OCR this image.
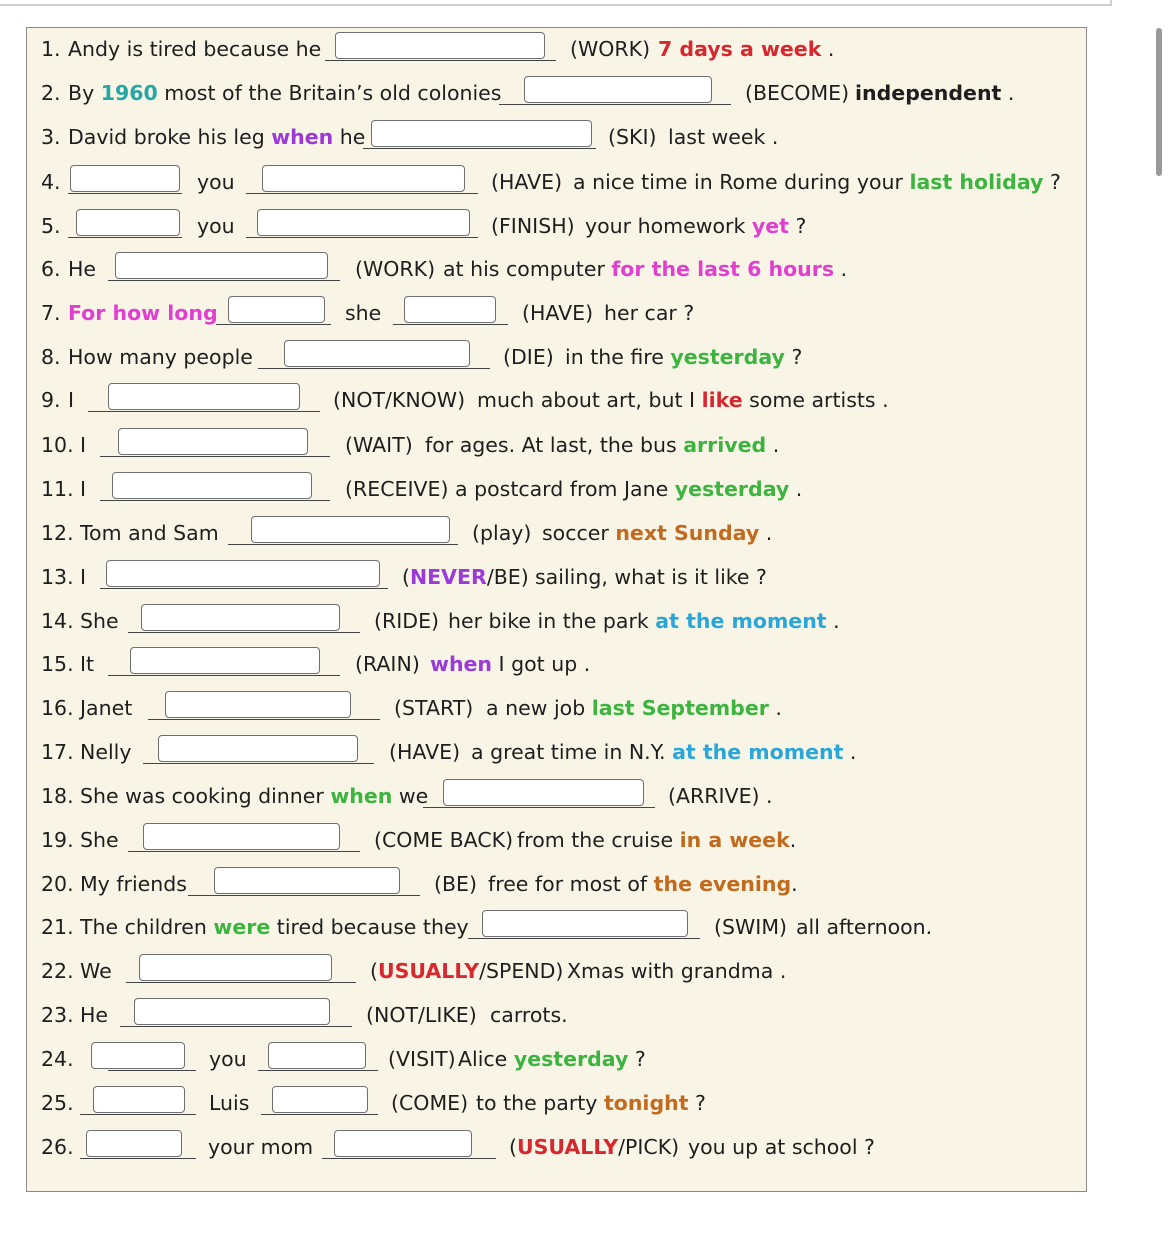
1. Andy is tired because he	(WORK) 7 days a week .
2. By 1960 most of the Britain’s old colonies	(BECOME) independent .
3. David broke his leg when he	(SKI) last week .
4.	you	(HAVE) a nice time in Rome during your last holiday ?
5.	you	(FINISH) your homework yet ?
6. He	(WORK) at his computer for the last 6 hours .
7. For how long	she	(HAVE) her car ?
8. How many people	(DIE) in the fire yesterday ?
9. I	(NOT/KNOW) much about art, but I like some artists .
10. I	(WAIT) for ages. At last, the bus arrived .
11. I	(RECEIVE) a postcard from Jane yesterday .
12. Tom and Sam	(play) soccer next Sunday .
13. I	(NEVER/BE) sailing, what is it like ?
14. She	(RIDE) her bike in the park at the moment .
15. It	(RAIN) when I got up .
16. Janet	(START) a new job last September .
17. Nelly	(HAVE) a great time in N.Y. at the moment .
18. She was cooking dinner when we	(ARRIVE) .
19. She	(COME BACK) from the cruise in a week.
20. My friends	(BE) free for most of the evening.
21. The children were tired because they	(SWIM) all afternoon.
22. We	(USUALLY/SPEND) Xmas with grandma .
23. He	(NOT/LIKE) carrots.
24.	you	(VISIT) Alice yesterday ?
25.	Luis	(COME) to the party tonight ?
26.	your mom	(USUALLY/PICK) you up at school ?
